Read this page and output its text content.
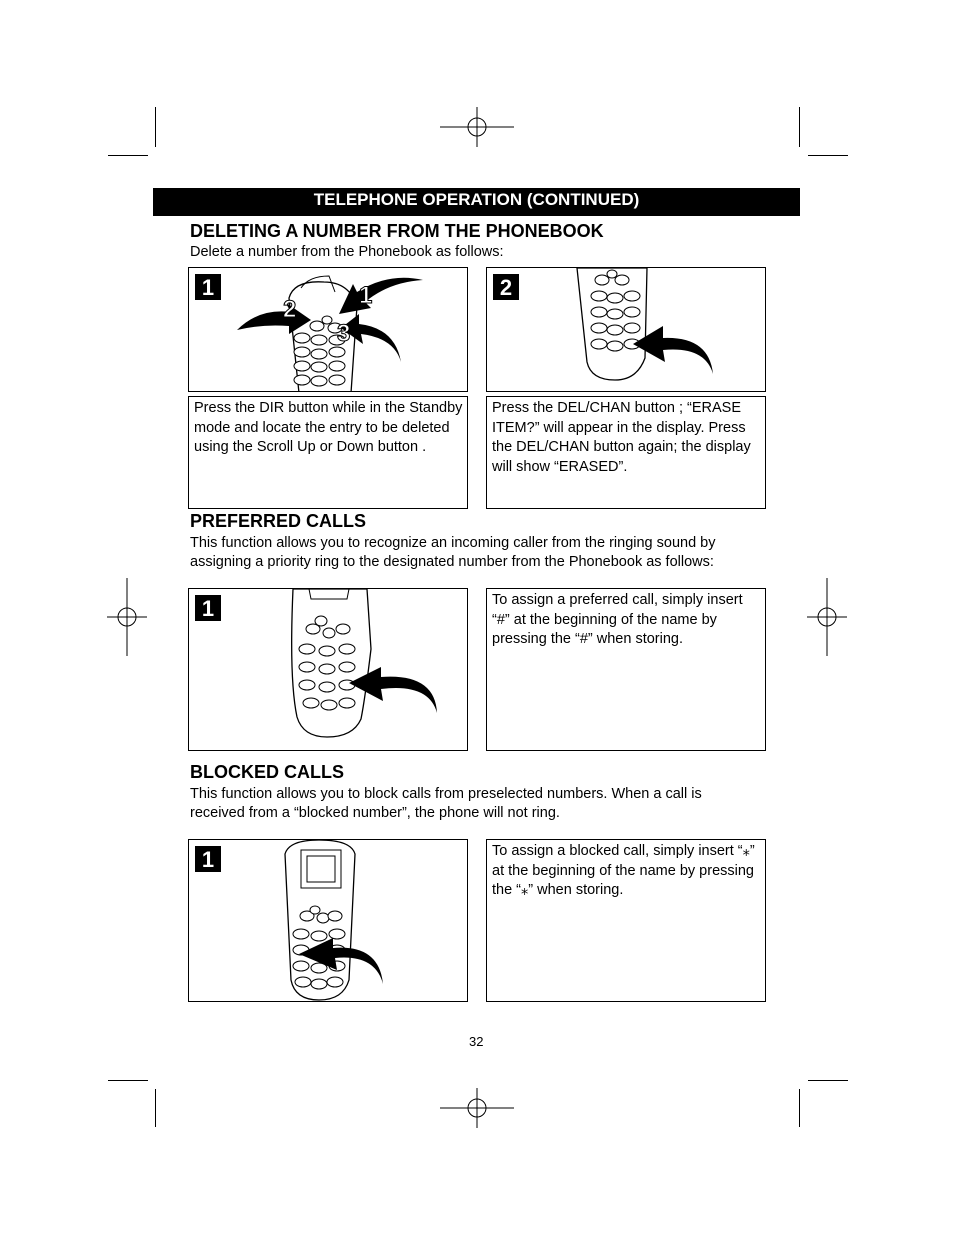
TELEPHONE OPERATION (CONTINUED)
DELETING A NUMBER FROM THE PHONEBOOK
Delete a number from the Phonebook as follows:
1
2
1
3
2
Press the DIR button while in the Standby mode and locate the entry to be deleted using the Scroll Up or Down button .
Press the DEL/CHAN button ; “ERASE ITEM?” will appear in the display. Press the DEL/CHAN button again; the display will show “ERASED”.
PREFERRED CALLS
This function allows you to recognize an incoming caller from the ringing sound by assigning a priority ring to the designated number from the Phonebook as follows:
1	To assign a preferred call, simply insert “#” at the beginning of the name by pressing the “#” when storing.
BLOCKED CALLS
This function allows you to block calls from preselected numbers. When a call is received from a “blocked number”, the phone will not ring.
1	To assign a blocked call, simply insert “⁎” at the beginning of the name by pressing the “⁎” when storing.
32
